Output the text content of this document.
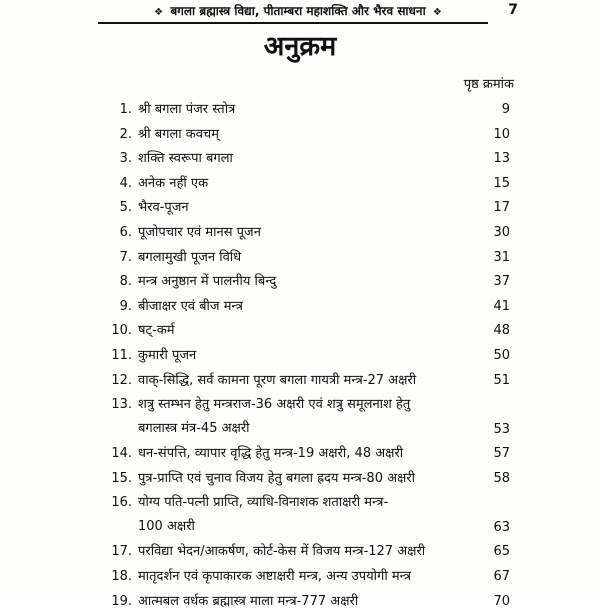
❖ बगला ब्रह्मास्त्र विद्या, पीताम्बरा महाशक्ति और भैरव साधना ❖	7
अनुक्रम
पृष्ठ क्रमांक
1. श्री बगला पंजर स्तोत्र	9
2. श्री बगला कवचम्	10
3. शक्ति स्वरूपा बगला	13
4. अनेक नहीं एक	15
5. भैरव-पूजन	17
6. पूजोपचार एवं मानस पूजन	30
7. बगलामुखी पूजन विधि	31
8. मन्त्र अनुष्ठान में पालनीय बिन्दु	37
9. बीजाक्षर एवं बीज मन्त्र	41
10. षट्-कर्म	48
11. कुमारी पूजन	50
12. वाक्-सिद्धि, सर्व कामना पूरण बगला गायत्री मन्त्र-27 अक्षरी	51
13. शत्रु स्तम्भन हेतु मन्त्रराज-36 अक्षरी एवं शत्रु समूलनाश हेतु
बगलास्त्र मंत्र-45 अक्षरी	53
14. धन-संपत्ति, व्यापार वृद्धि हेतु मन्त्र-19 अक्षरी, 48 अक्षरी	57
15. पुत्र-प्राप्ति एवं चुनाव विजय हेतु बगला ह्रदय मन्त्र-80 अक्षरी	58
16. योग्य पति-पत्नी प्राप्ति, व्याधि-विनाशक शताक्षरी मन्त्र-
100 अक्षरी	63
17. परविद्या भेदन/आकर्षण, कोर्ट-केस में विजय मन्त्र-127 अक्षरी	65
18. मातृदर्शन एवं कृपाकारक अष्टाक्षरी मन्त्र, अन्य उपयोगी मन्त्र	67
19. आत्मबल वर्धक ब्रह्मास्त्र माला मन्त्र-777 अक्षरी	70
